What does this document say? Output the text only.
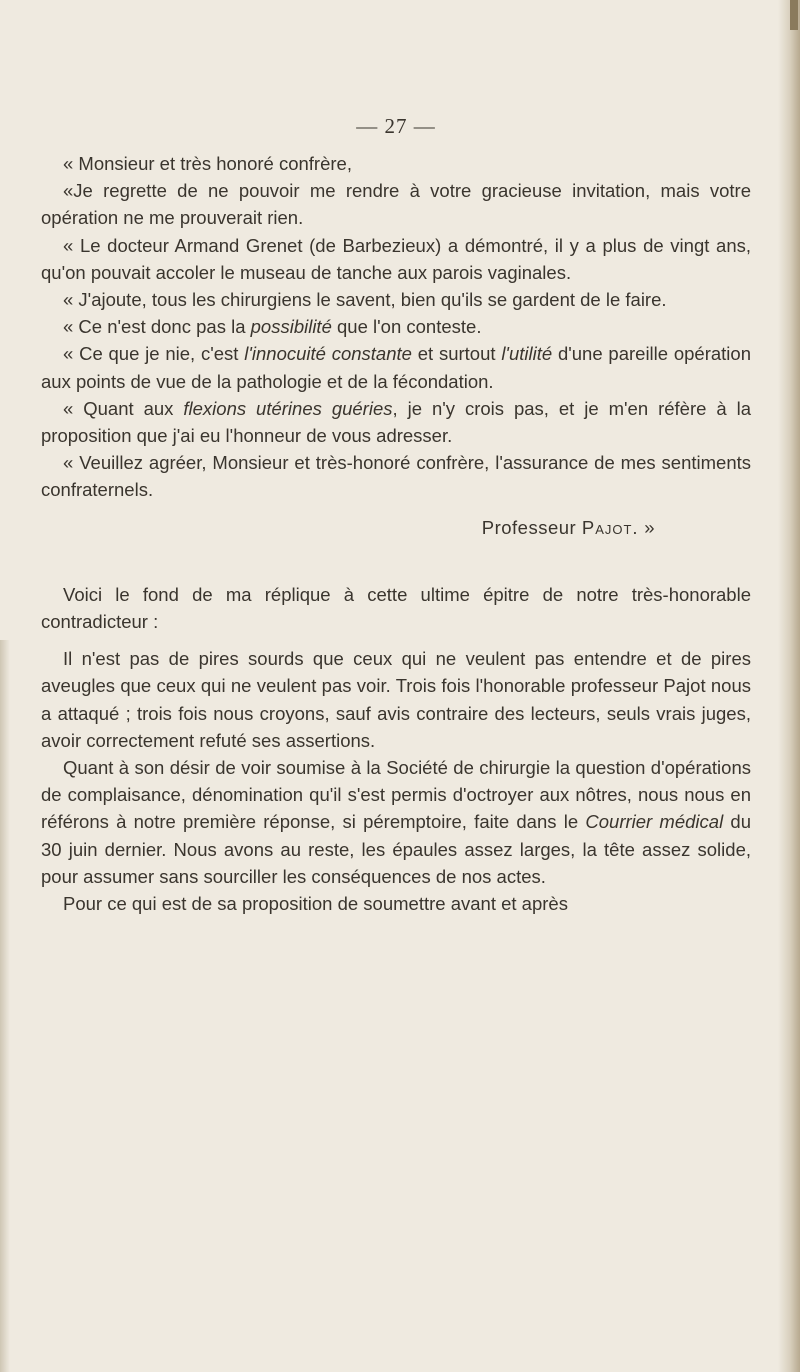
— 27 —

« Monsieur et très honoré confrère,

«Je regrette de ne pouvoir me rendre à votre gracieuse invitation, mais votre opération ne me prouverait rien.

« Le docteur Armand Grenet (de Barbezieux) a démontré, il y a plus de vingt ans, qu'on pouvait accoler le museau de tanche aux parois vaginales.

« J'ajoute, tous les chirurgiens le savent, bien qu'ils se gardent de le faire.

« Ce n'est donc pas la possibilité que l'on conteste.

« Ce que je nie, c'est l'innocuité constante et surtout l'utilité d'une pareille opération aux points de vue de la pathologie et de la fécondation.

« Quant aux flexions utérines guéries, je n'y crois pas, et je m'en réfère à la proposition que j'ai eu l'honneur de vous adresser.

« Veuillez agréer, Monsieur et très-honoré confrère, l'assurance de mes sentiments confraternels.

Professeur Pajot. »

Voici le fond de ma réplique à cette ultime épitre de notre très-honorable contradicteur :

Il n'est pas de pires sourds que ceux qui ne veulent pas entendre et de pires aveugles que ceux qui ne veulent pas voir. Trois fois l'honorable professeur Pajot nous a attaqué ; trois fois nous croyons, sauf avis contraire des lecteurs, seuls vrais juges, avoir correctement refuté ses assertions.

Quant à son désir de voir soumise à la Société de chirurgie la question d'opérations de complaisance, dénomination qu'il s'est permis d'octroyer aux nôtres, nous nous en référons à notre première réponse, si péremptoire, faite dans le Courrier médical du 30 juin dernier. Nous avons au reste, les épaules assez larges, la tête assez solide, pour assumer sans sourciller les conséquences de nos actes.

Pour ce qui est de sa proposition de soumettre avant et après
